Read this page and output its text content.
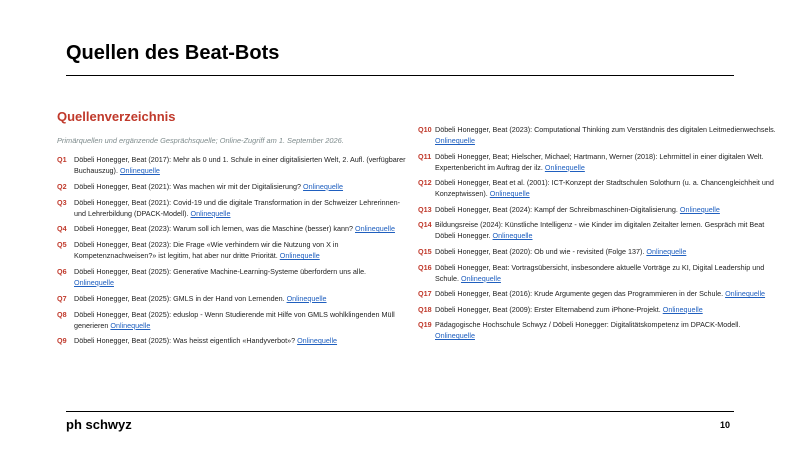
Quellen des Beat-Bots
Quellenverzeichnis
Primärquellen und ergänzende Gesprächsquelle; Online-Zugriff am 1. September 2026.
Q1	Döbeli Honegger, Beat (2017): Mehr als 0 und 1. Schule in einer digitalisierten Welt, 2. Aufl. (verfügbarer Buchauszug). Onlinequelle
Q2	Döbeli Honegger, Beat (2021): Was machen wir mit der Digitalisierung? Onlinequelle
Q3	Döbeli Honegger, Beat (2021): Covid-19 und die digitale Transformation in der Schweizer Lehrerinnen- und Lehrerbildung (DPACK-Modell). Onlinequelle
Q4	Döbeli Honegger, Beat (2023): Warum soll ich lernen, was die Maschine (besser) kann? Onlinequelle
Q5	Döbeli Honegger, Beat (2023): Die Frage «Wie verhindern wir die Nutzung von X in Kompetenznachweisen?» ist legitim, hat aber nur dritte Priorität. Onlinequelle
Q6	Döbeli Honegger, Beat (2025): Generative Machine-Learning-Systeme überfordern uns alle. Onlinequelle
Q7	Döbeli Honegger, Beat (2025): GMLS in der Hand von Lernenden. Onlinequelle
Q8	Döbeli Honegger, Beat (2025): eduslop - Wenn Studierende mit Hilfe von GMLS wohlklingenden Müll generieren Onlinequelle
Q9	Döbeli Honegger, Beat (2025): Was heisst eigentlich «Handyverbot»? Onlinequelle
Q10 Döbeli Honegger, Beat (2023): Computational Thinking zum Verständnis des digitalen Leitmedienwechsels. Onlinequelle
Q11 Döbeli Honegger, Beat; Hielscher, Michael; Hartmann, Werner (2018): Lehrmittel in einer digitalen Welt. Expertenbericht im Auftrag der ilz. Onlinequelle
Q12 Döbeli Honegger, Beat et al. (2001): ICT-Konzept der Stadtschulen Solothurn (u. a. Chancengleichheit und Konzeptwissen). Onlinequelle
Q13 Döbeli Honegger, Beat (2024): Kampf der Schreibmaschinen-Digitalisierung. Onlinequelle
Q14 Bildungsreise (2024): Künstliche Intelligenz - wie Kinder im digitalen Zeitalter lernen. Gespräch mit Beat Döbeli Honegger. Onlinequelle
Q15 Döbeli Honegger, Beat (2020): Ob und wie - revisited (Folge 137). Onlinequelle
Q16 Döbeli Honegger, Beat: Vortragsübersicht, insbesondere aktuelle Vorträge zu KI, Digital Leadership und Schule. Onlinequelle
Q17 Döbeli Honegger, Beat (2016): Krude Argumente gegen das Programmieren in der Schule. Onlinequelle
Q18 Döbeli Honegger, Beat (2009): Erster Elternabend zum iPhone-Projekt. Onlinequelle
Q19 Pädagogische Hochschule Schwyz / Döbeli Honegger: Digitalitätskompetenz im DPACK-Modell. Onlinequelle
ph schwyz	10
